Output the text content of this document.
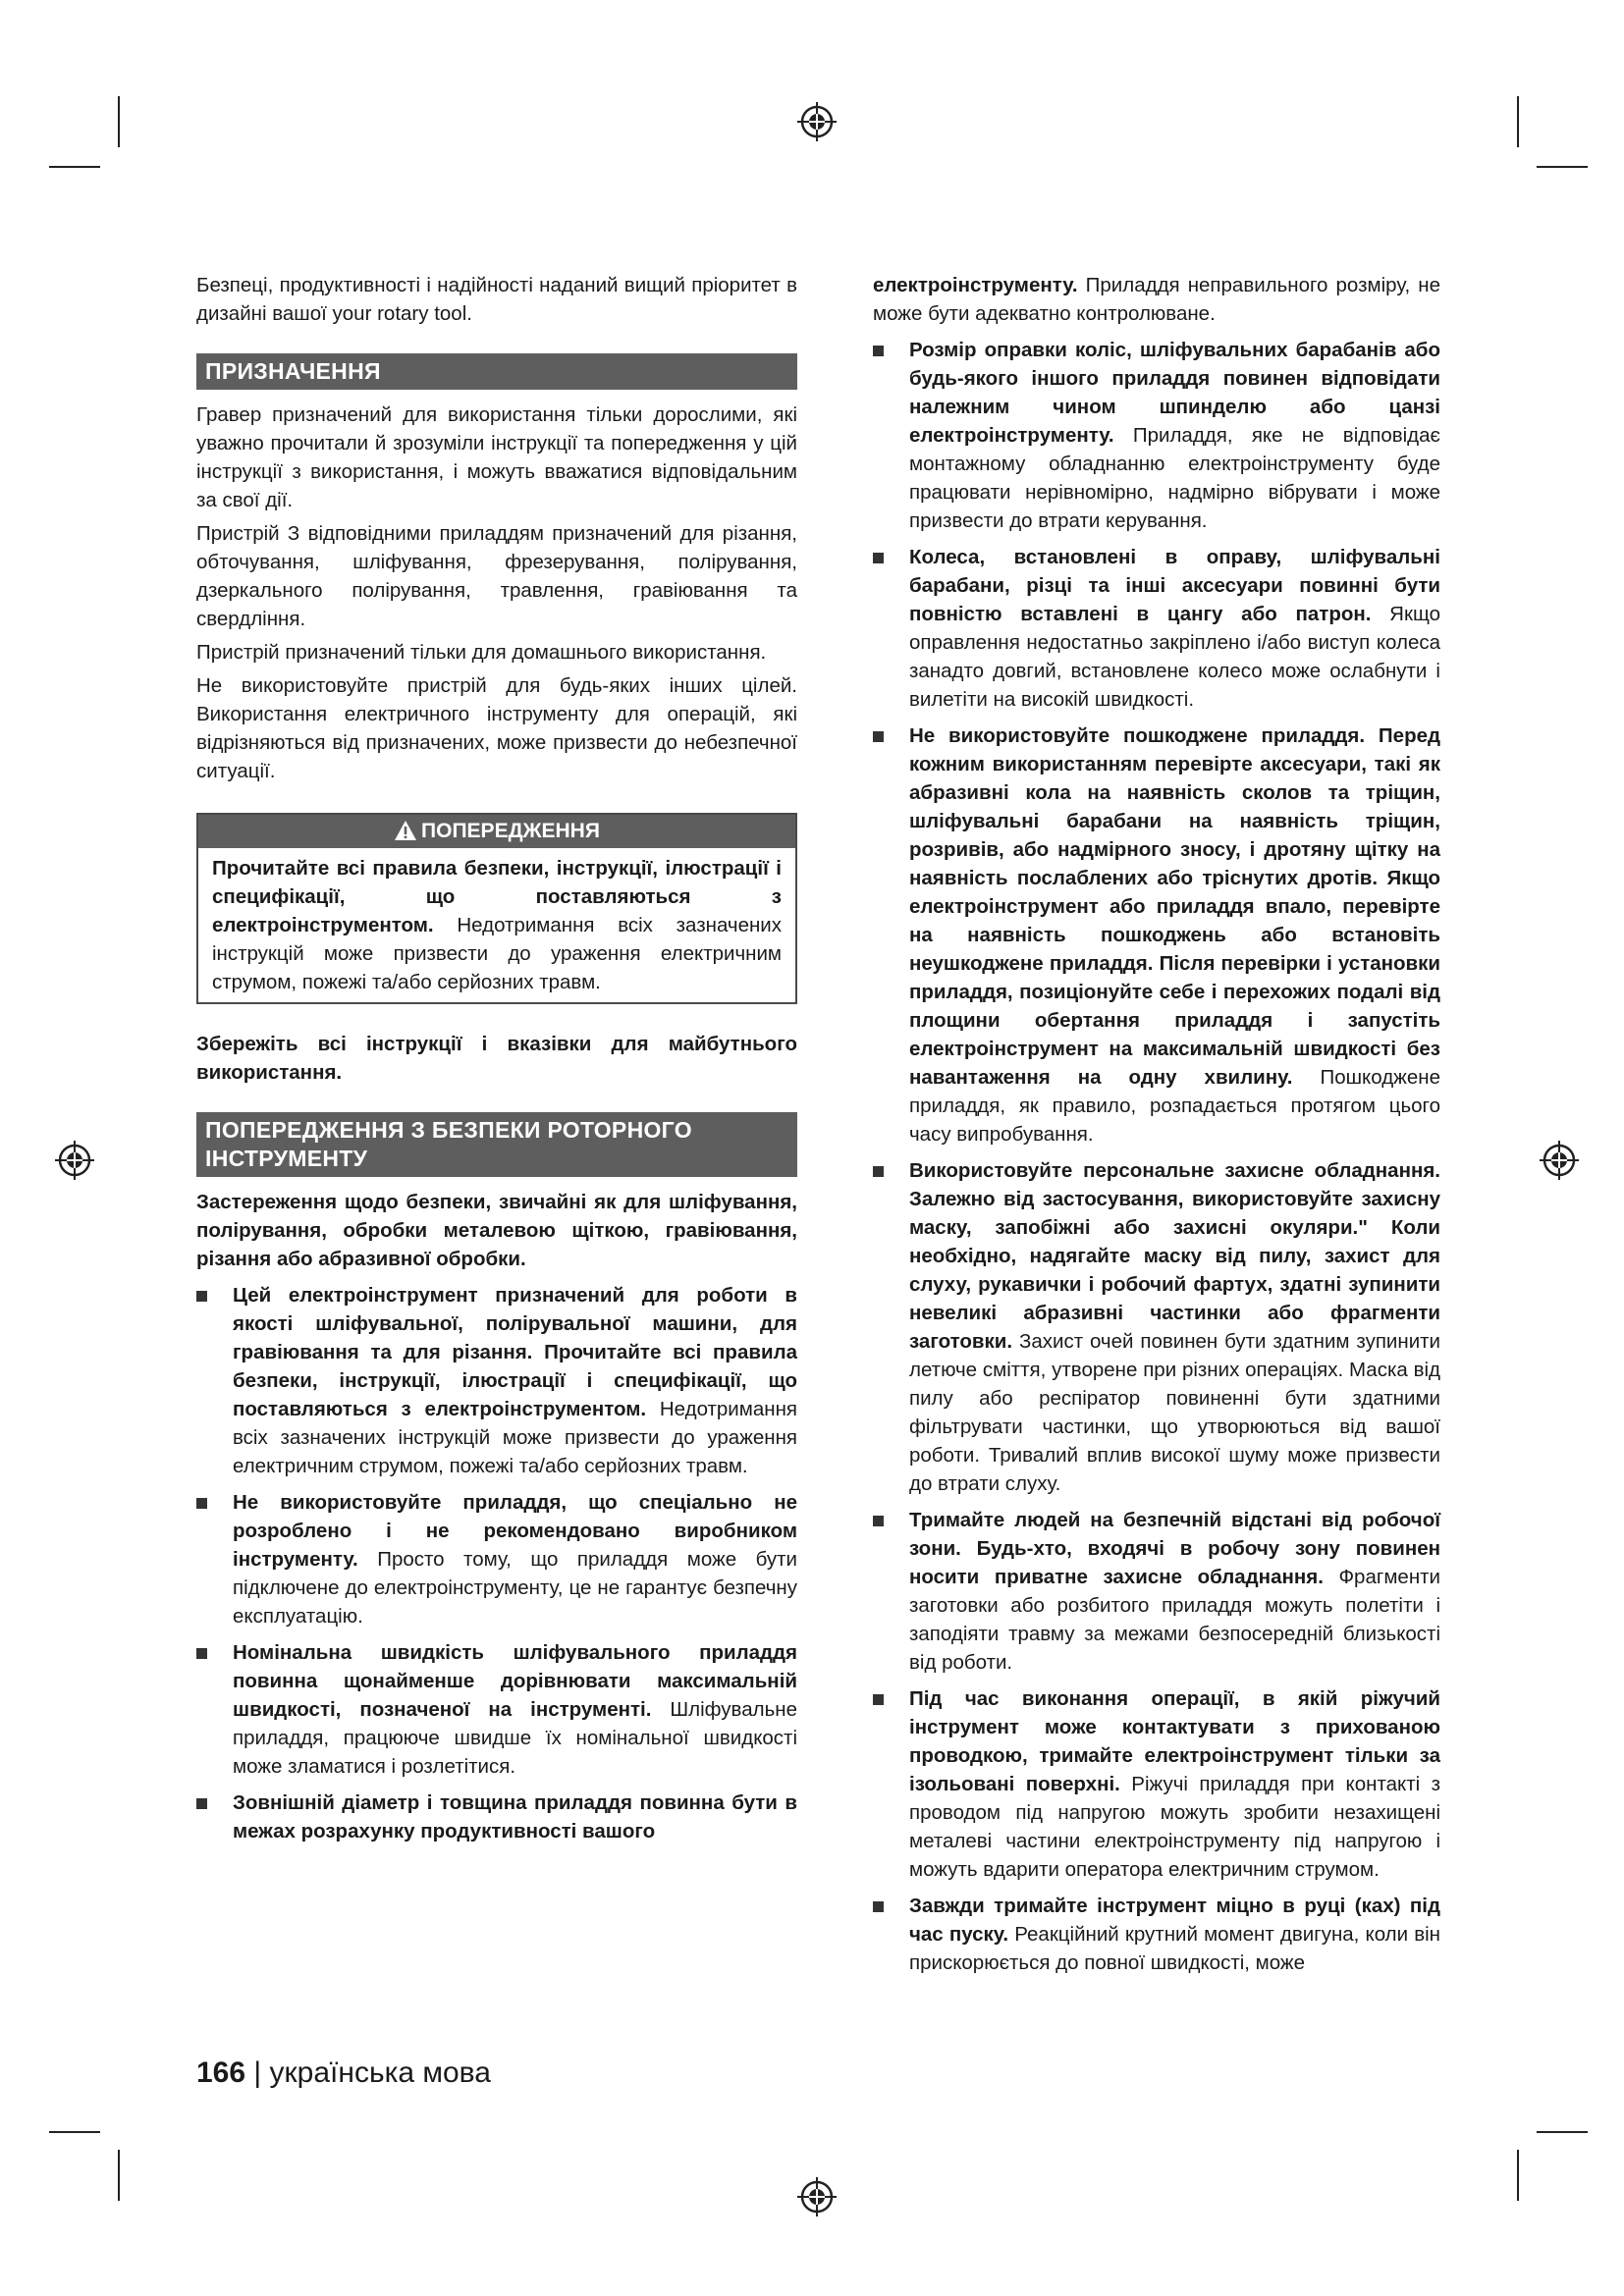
Безпеці, продуктивності і надійності наданий вищий пріоритет в дизайні вашої your rotary tool.

ПРИЗНАЧЕННЯ

Гравер призначений для використання тільки дорослими, які уважно прочитали й зрозуміли інструкції та попередження у цій інструкції з використання, і можуть вважатися відповідальним за свої дії.

Пристрій З відповідними приладдям призначений для різання, обточування, шліфування, фрезерування, полірування, дзеркального полірування, травлення, гравіювання та свердління.

Пристрій призначений тільки для домашнього використання.

Не використовуйте пристрій для будь-яких інших цілей. Використання електричного інструменту для операцій, які відрізняються від призначених, може призвести до небезпечної ситуації.

ПОПЕРЕДЖЕННЯ

Прочитайте всі правила безпеки, інструкції, ілюстрації і специфікації, що поставляються з електроінструментом. Недотримання всіх зазначених інструкцій може призвести до ураження електричним струмом, пожежі та/або серйозних травм.

Збережіть всі інструкції і вказівки для майбутнього використання.

ПОПЕРЕДЖЕННЯ З БЕЗПЕКИ РОТОРНОГО ІНСТРУМЕНТУ

Застереження щодо безпеки, звичайні як для шліфування, полірування, обробки металевою щіткою, гравіювання, різання або абразивної обробки.

Цей електроінструмент призначений для роботи в якості шліфувальної, полірувальної машини, для гравіювання та для різання. Прочитайте всі правила безпеки, інструкції, ілюстрації і специфікації, що поставляються з електроінструментом. Недотримання всіх зазначених інструкцій може призвести до ураження електричним струмом, пожежі та/або серйозних травм.
Не використовуйте приладдя, що спеціально не розроблено і не рекомендовано виробником інструменту. Просто тому, що приладдя може бути підключене до електроінструменту, це не гарантує безпечну експлуатацію.
Номінальна швидкість шліфувального приладдя повинна щонайменше дорівнювати максимальній швидкості, позначеної на інструменті. Шліфувальне приладдя, працююче швидше їх номінальної швидкості може зламатися і розлетітися.
Зовнішній діаметр і товщина приладдя повинна бути в межах розрахунку продуктивності вашого
електроінструменту. Приладдя неправильного розміру, не може бути адекватно контролюване.
Розмір оправки коліс, шліфувальних барабанів або будь-якого іншого приладдя повинен відповідати належним чином шпинделю або цанзі електроінструменту. Приладдя, яке не відповідає монтажному обладнанню електроінструменту буде працювати нерівномірно, надмірно вібрувати і може призвести до втрати керування.
Колеса, встановлені в оправу, шліфувальні барабани, різці та інші аксесуари повинні бути повністю вставлені в цангу або патрон. Якщо оправлення недостатньо закріплено і/або виступ колеса занадто довгий, встановлене колесо може ослабнути і вилетіти на високій швидкості.
Не використовуйте пошкоджене приладдя. Перед кожним використанням перевірте аксесуари, такі як абразивні кола на наявність сколов та тріщин, шліфувальні барабани на наявність тріщин, розривів, або надмірного зносу, і дротяну щітку на наявність послаблених або тріснутих дротів. Якщо електроінструмент або приладдя впало, перевірте на наявність пошкоджень або встановіть неушкоджене приладдя. Після перевірки і установки приладдя, позиціонуйте себе і перехожих подалі від площини обертання приладдя і запустіть електроінструмент на максимальній швидкості без навантаження на одну хвилину. Пошкоджене приладдя, як правило, розпадається протягом цього часу випробування.
Використовуйте персональне захисне обладнання. Залежно від застосування, використовуйте захисну маску, запобіжні або захисні окуляри." Коли необхідно, надягайте маску від пилу, захист для слуху, рукавички і робочий фартух, здатні зупинити невеликі абразивні частинки або фрагменти заготовки. Захист очей повинен бути здатним зупинити летюче сміття, утворене при різних операціях. Маска від пилу або респіратор повиненні бути здатними фільтрувати частинки, що утворюються від вашої роботи. Тривалий вплив високої шуму може призвести до втрати слуху.
Тримайте людей на безпечній відстані від робочої зони. Будь-хто, входячі в робочу зону повинен носити приватне захисне обладнання. Фрагменти заготовки або розбитого приладдя можуть полетіти і заподіяти травму за межами безпосередній близькості від роботи.
Під час виконання операції, в якій ріжучий інструмент може контактувати з прихованою проводкою, тримайте електроінструмент тільки за ізольовані поверхні. Ріжучі приладдя при контакті з проводом під напругою можуть зробити незахищені металеві частини електроінструменту під напругою і можуть вдарити оператора електричним струмом.
Завжди тримайте інструмент міцно в руці (ках) під час пуску. Реакційний крутний момент двигуна, коли він прискорюється до повної швидкості, може
166 | українська мова
